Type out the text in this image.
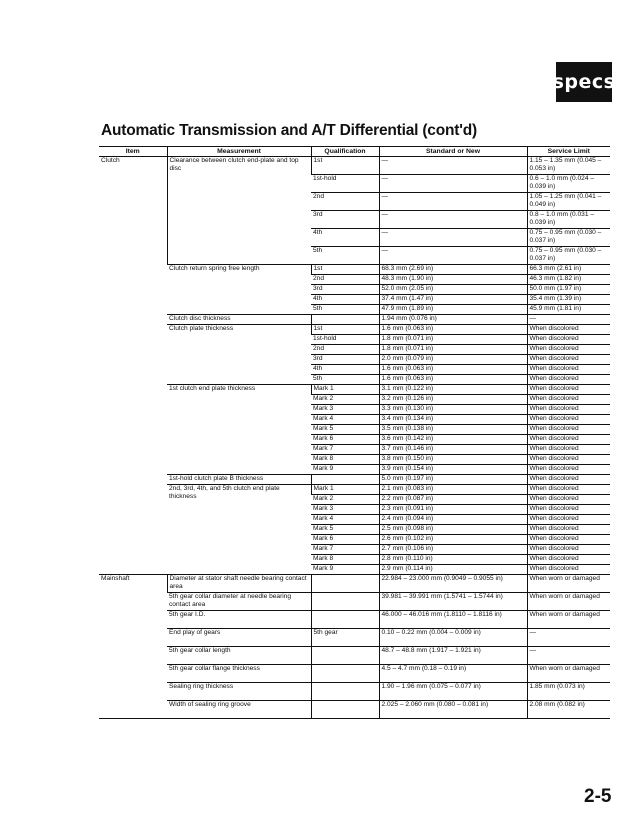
specs
Automatic Transmission and A/T Differential (cont'd)
Item	Measurement	Qualification	Standard or New	Service Limit
Clutch	Clearance between clutch end-plate and top disc	1st	—	1.15 – 1.35 mm (0.045 – 0.053 in)
		1st-hold	—	0.6 – 1.0 mm (0.024 – 0.039 in)
		2nd	—	1.05 – 1.25 mm (0.041 – 0.049 in)
		3rd	—	0.8 – 1.0 mm (0.031 – 0.039 in)
		4th	—	0.75 – 0.95 mm (0.030 – 0.037 in)
		5th	—	0.75 – 0.95 mm (0.030 – 0.037 in)
	Clutch return spring free length	1st	68.3 mm (2.69 in)	66.3 mm (2.61 in)
		2nd	48.3 mm (1.90 in)	46.3 mm (1.82 in)
		3rd	52.0 mm (2.05 in)	50.0 mm (1.97 in)
		4th	37.4 mm (1.47 in)	35.4 mm (1.39 in)
		5th	47.9 mm (1.89 in)	45.9 mm (1.81 in)
	Clutch disc thickness		1.94 mm (0.076 in)	—
	Clutch plate thickness	1st	1.6 mm (0.063 in)	When discolored
		1st-hold	1.8 mm (0.071 in)	When discolored
		2nd	1.8 mm (0.071 in)	When discolored
		3rd	2.0 mm (0.079 in)	When discolored
		4th	1.6 mm (0.063 in)	When discolored
		5th	1.6 mm (0.063 in)	When discolored
	1st clutch end plate thickness	Mark 1	3.1 mm (0.122 in)	When discolored
		Mark 2	3.2 mm (0.126 in)	When discolored
		Mark 3	3.3 mm (0.130 in)	When discolored
		Mark 4	3.4 mm (0.134 in)	When discolored
		Mark 5	3.5 mm (0.138 in)	When discolored
		Mark 6	3.6 mm (0.142 in)	When discolored
		Mark 7	3.7 mm (0.146 in)	When discolored
		Mark 8	3.8 mm (0.150 in)	When discolored
		Mark 9	3.9 mm (0.154 in)	When discolored
	1st-hold clutch plate B thickness		5.0 mm (0.197 in)	When discolored
	2nd, 3rd, 4th, and 5th clutch end plate thickness	Mark 1	2.1 mm (0.083 in)	When discolored
		Mark 2	2.2 mm (0.087 in)	When discolored
		Mark 3	2.3 mm (0.091 in)	When discolored
		Mark 4	2.4 mm (0.094 in)	When discolored
		Mark 5	2.5 mm (0.098 in)	When discolored
		Mark 6	2.6 mm (0.102 in)	When discolored
		Mark 7	2.7 mm (0.106 in)	When discolored
		Mark 8	2.8 mm (0.110 in)	When discolored
		Mark 9	2.9 mm (0.114 in)	When discolored
Mainshaft	Diameter at stator shaft needle bearing contact area		22.984 – 23.000 mm (0.9049 – 0.9055 in)	When worn or damaged
	5th gear collar diameter at needle bearing contact area		39.981 – 39.991 mm (1.5741 – 1.5744 in)	When worn or damaged
	5th gear I.D.		46.000 – 46.016 mm (1.8110 – 1.8116 in)	When worn or damaged
	End play of gears	5th gear	0.10 – 0.22 mm (0.004 – 0.009 in)	—
	5th gear collar length		48.7 – 48.8 mm (1.917 – 1.921 in)	—
	5th gear collar flange thickness		4.5 – 4.7 mm (0.18 – 0.19 in)	When worn or damaged
	Sealing ring thickness		1.90 – 1.96 mm (0.075 – 0.077 in)	1.85 mm (0.073 in)
	Width of sealing ring groove		2.025 – 2.060 mm (0.080 – 0.081 in)	2.08 mm (0.082 in)
2-5
